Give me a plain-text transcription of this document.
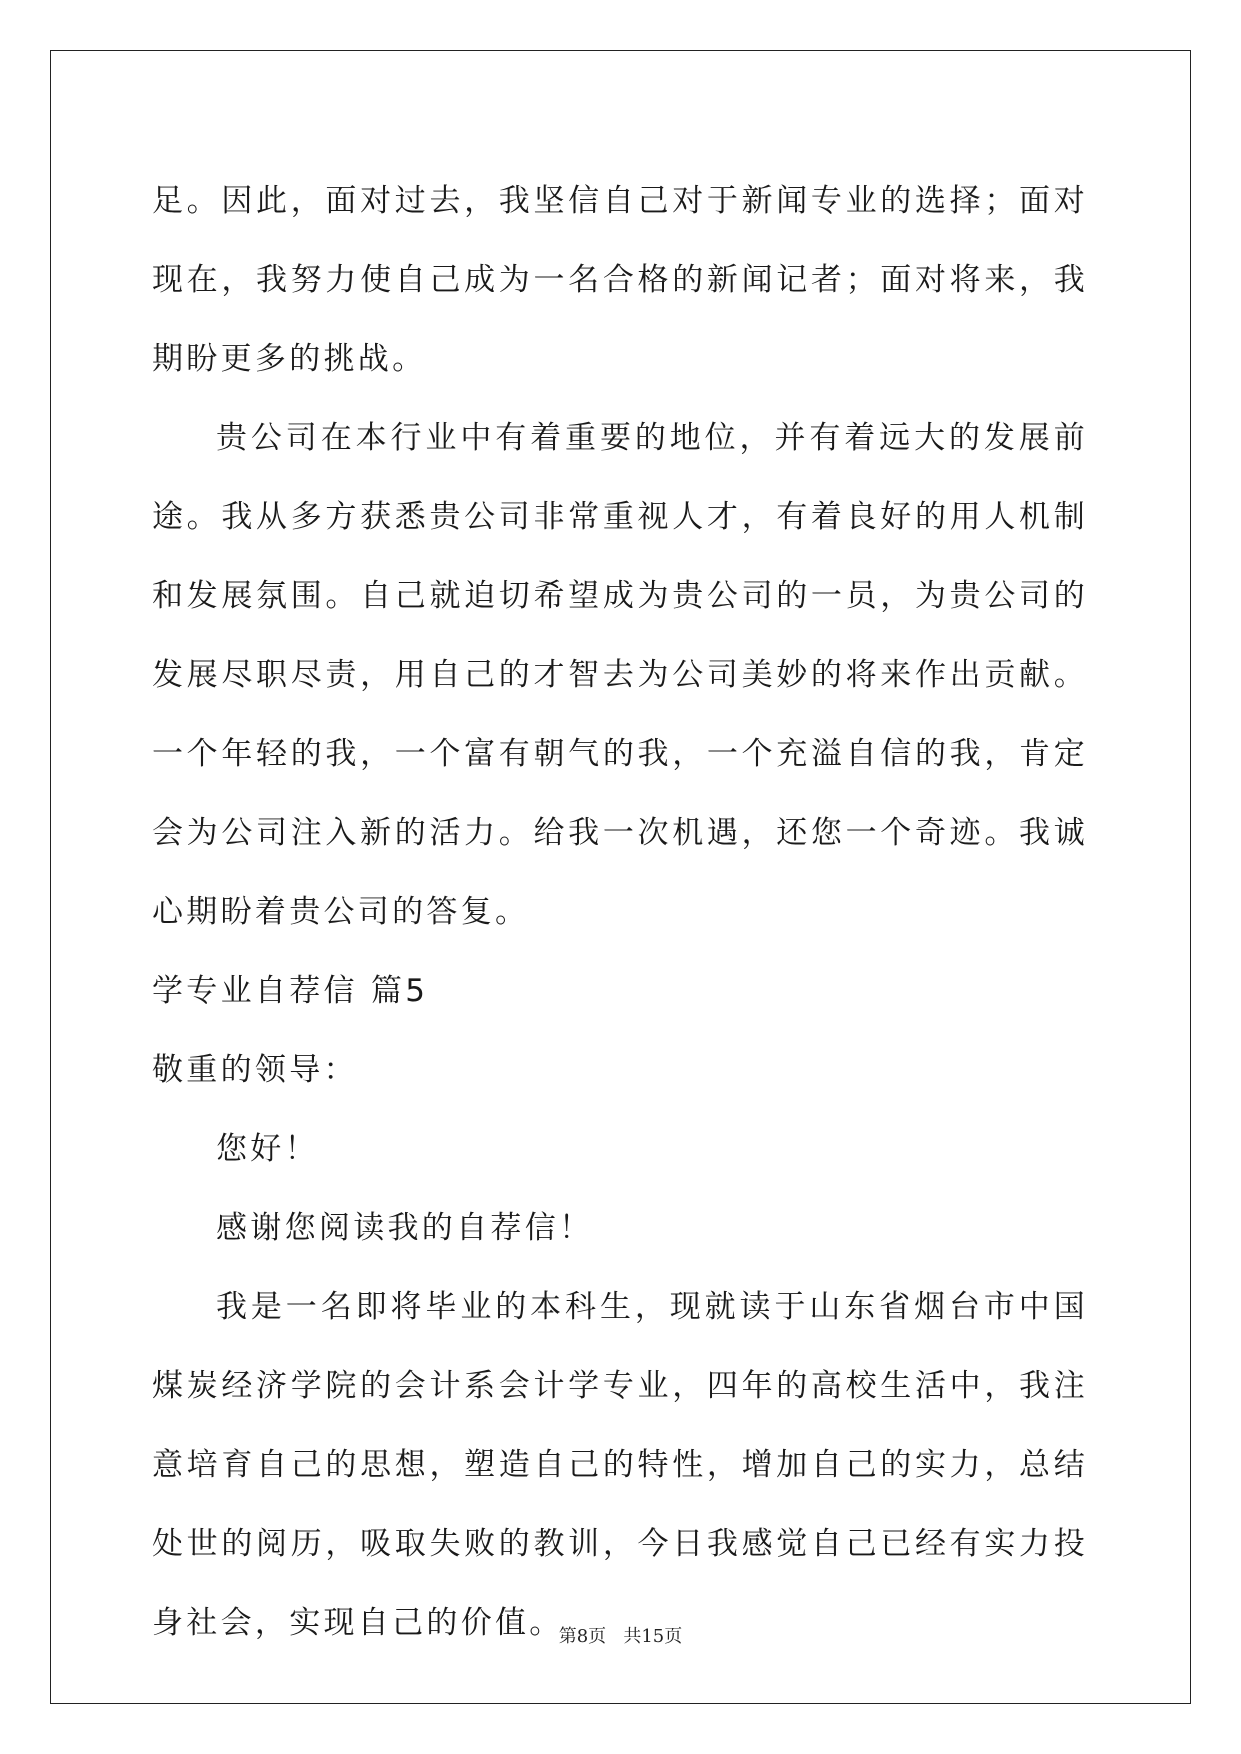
足。因此，面对过去，我坚信自己对于新闻专业的选择；面对现在，我努力使自己成为一名合格的新闻记者；面对将来，我期盼更多的挑战。

贵公司在本行业中有着重要的地位，并有着远大的发展前途。我从多方获悉贵公司非常重视人才，有着良好的用人机制和发展氛围。自己就迫切希望成为贵公司的一员，为贵公司的发展尽职尽责，用自己的才智去为公司美妙的将来作出贡献。一个年轻的我，一个富有朝气的我，一个充溢自信的我，肯定会为公司注入新的活力。给我一次机遇，还您一个奇迹。我诚心期盼着贵公司的答复。

学专业自荐信 篇5

敬重的领导：

您好！

感谢您阅读我的自荐信！

我是一名即将毕业的本科生，现就读于山东省烟台市中国煤炭经济学院的会计系会计学专业，四年的高校生活中，我注意培育自己的思想，塑造自己的特性，增加自己的实力，总结处世的阅历，吸取失败的教训，今日我感觉自己已经有实力投身社会，实现自己的价值。

第8页 共15页
